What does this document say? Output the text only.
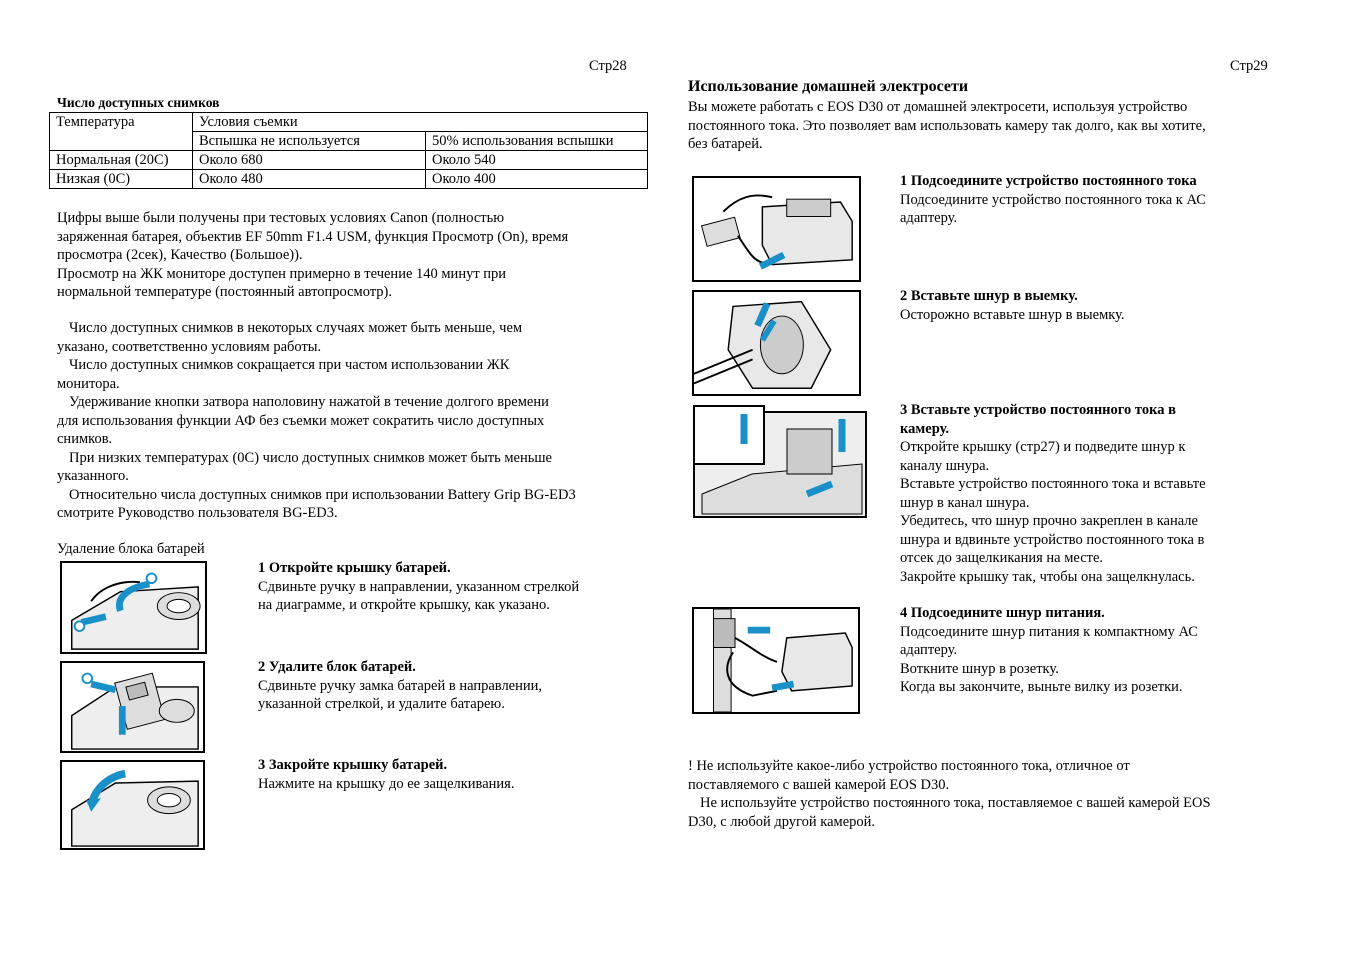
Стр28
Число доступных снимков
Температура	Условия съемки	
	Вспышка не используется	50% использования вспышки
Нормальная (20С)	Около 680	Около 540
Низкая (0С)	Около 480	Около 400

Цифры выше были получены при тестовых условиях Canon (полностью

заряженная батарея, объектив EF 50mm F1.4 USM, функция Просмотр (On), время

просмотра (2сек), Качество (Большое)).

Просмотр на ЖК мониторе доступен примерно в течение 140 минут при

нормальной температуре (постоянный автопросмотр).

Число доступных снимков в некоторых случаях может быть меньше, чем

указано, соответственно условиям работы.

Число доступных снимков сокращается при частом использовании ЖК

монитора.

Удерживание кнопки затвора наполовину нажатой в течение долгого времени

для использования функции АФ без съемки может сократить число доступных

снимков.

При низких температурах (0С) число доступных снимков может быть меньше

указанного.

Относительно числа доступных снимков при использовании Battery Grip BG-ED3

смотрите Руководство пользователя BG-ED3.

Удаление блока батарей

1 Откройте крышку батарей.

Сдвиньте ручку в направлении, указанном стрелкой

на диаграмме, и откройте крышку, как указано.

2 Удалите блок батарей.

Сдвиньте ручку замка батарей в направлении,

указанной стрелкой, и удалите батарею.

3 Закройте крышку батарей.

Нажмите на крышку до ее защелкивания.

Стр29
Использование домашней электросети

Вы можете работать с EOS D30 от домашней электросети, используя устройство

постоянного тока. Это позволяет вам использовать камеру так долго, как вы хотите,

без батарей.

1 Подсоедините устройство постоянного тока

Подсоедините устройство постоянного тока к АС

адаптеру.

2 Вставьте шнур в выемку.

Осторожно вставьте шнур в выемку.

3 Вставьте устройство постоянного тока в

камеру.

Откройте крышку (стр27) и подведите шнур к

каналу шнура.

Вставьте устройство постоянного тока и вставьте

шнур в канал шнура.

Убедитесь, что шнур прочно закреплен в канале

шнура и вдвиньте устройство постоянного тока в

отсек до защелкикания на месте.

Закройте крышку так, чтобы она защелкнулась.

4 Подсоедините шнур питания.

Подсоедините шнур питания к компактному АС

адаптеру.

Воткните шнур в розетку.

Когда вы закончите, выньте вилку из розетки.

! Не используйте какое-либо устройство постоянного тока, отличное от

поставляемого с вашей камерой EOS D30.

Не используйте устройство постоянного тока, поставляемое с вашей камерой EOS

D30, с любой другой камерой.
